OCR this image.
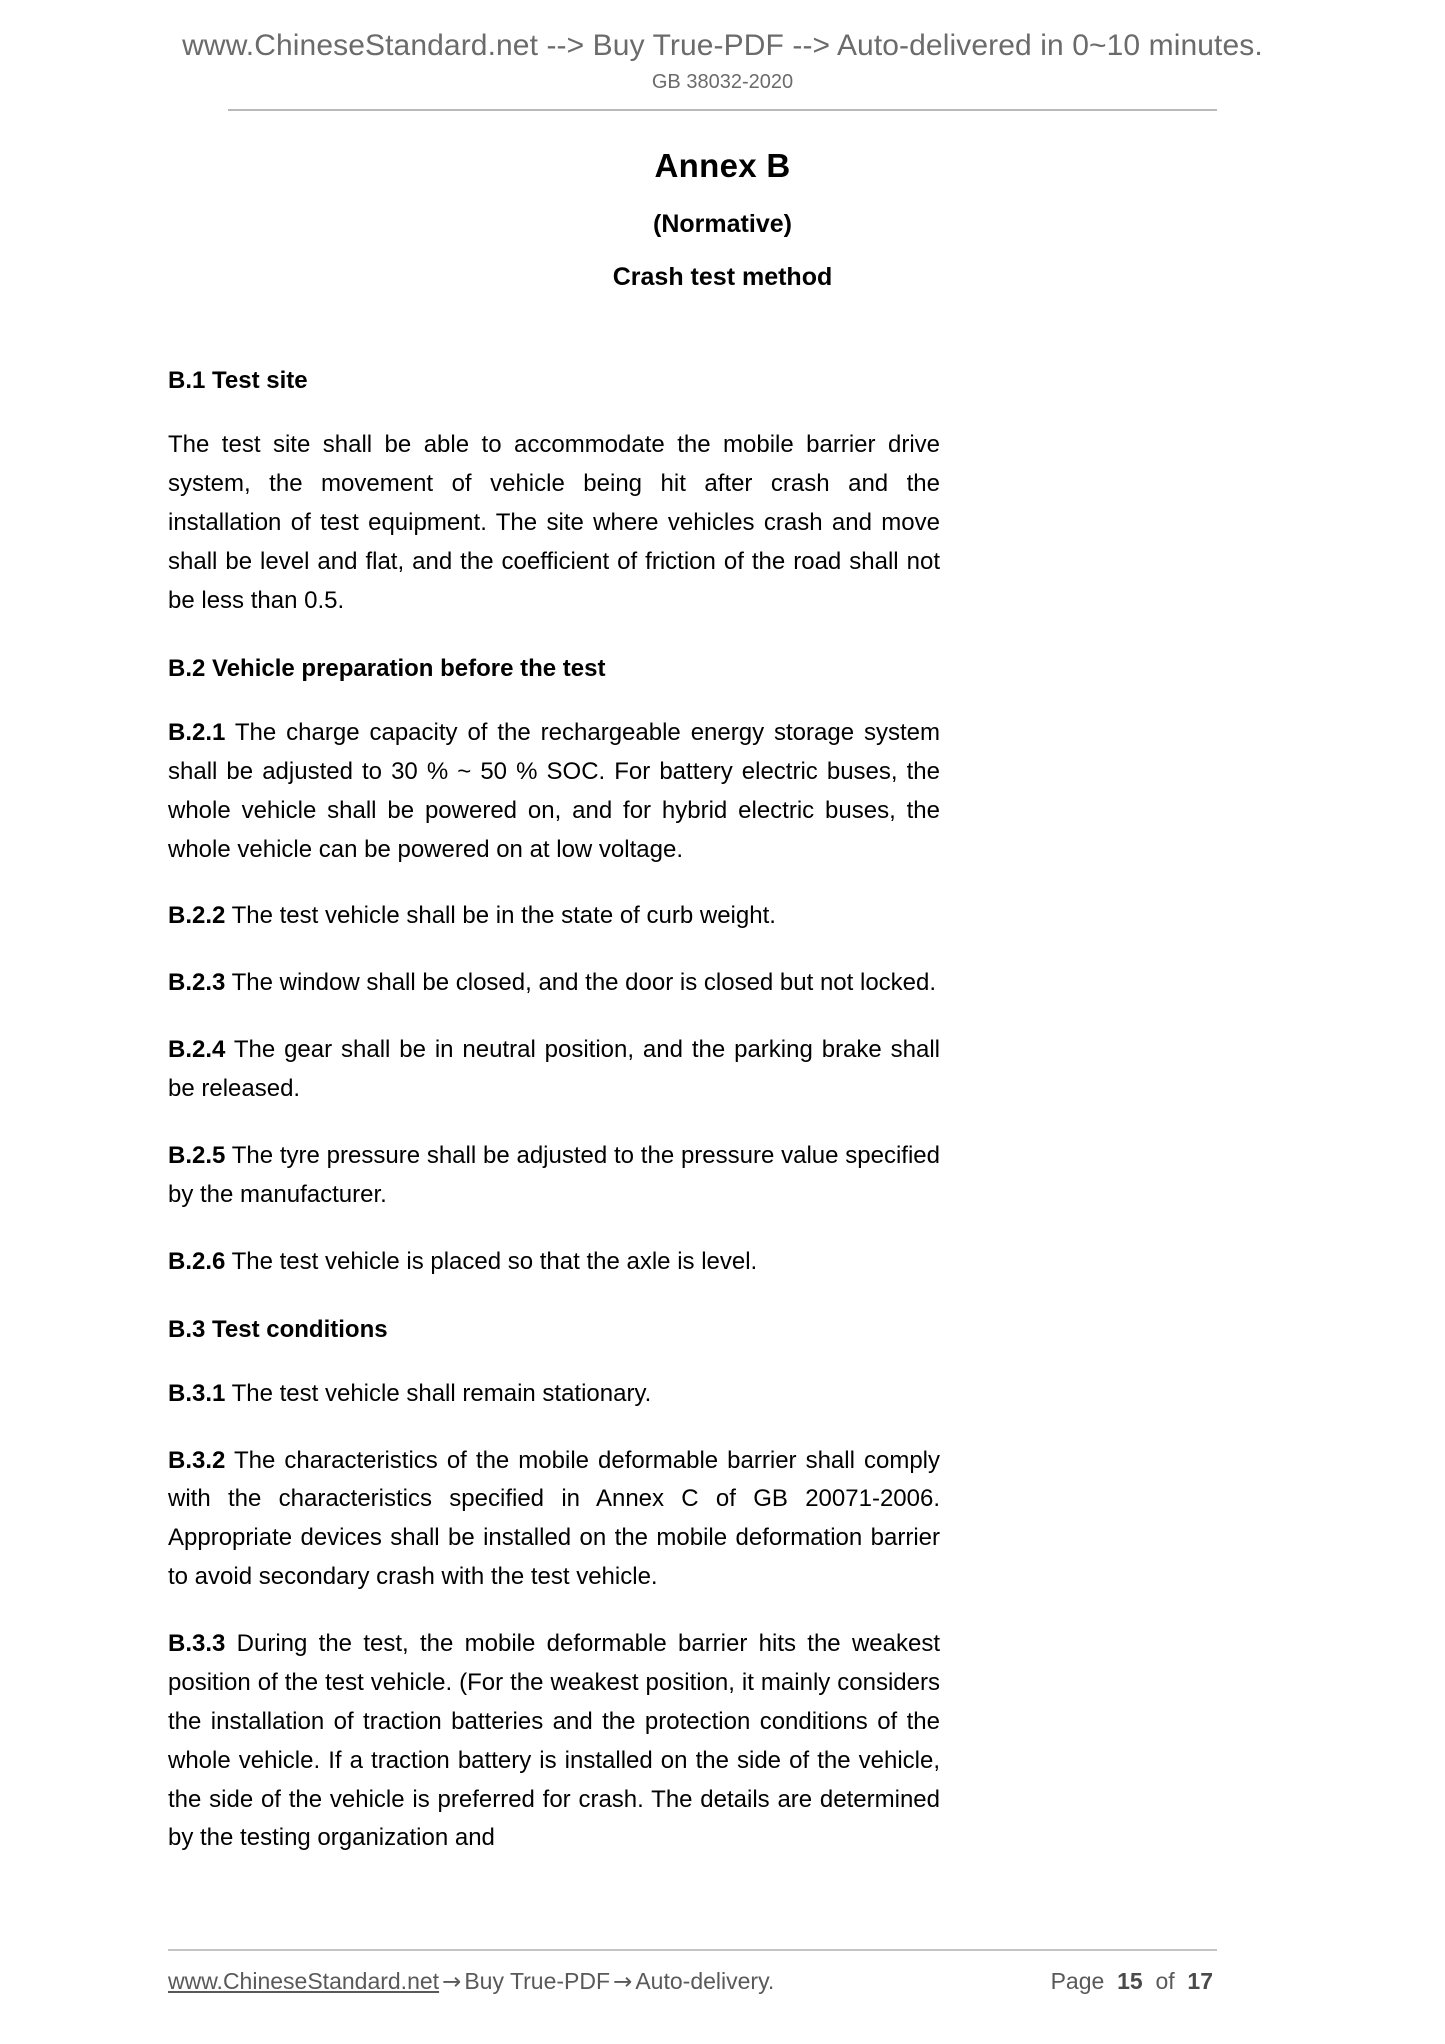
www.ChineseStandard.net --> Buy True-PDF --> Auto-delivered in 0~10 minutes.
GB 38032-2020
Annex B
(Normative)
Crash test method
B.1 Test site

The test site shall be able to accommodate the mobile barrier drive system, the movement of vehicle being hit after crash and the installation of test equipment. The site where vehicles crash and move shall be level and flat, and the coefficient of friction of the road shall not be less than 0.5.

B.2 Vehicle preparation before the test

B.2.1 The charge capacity of the rechargeable energy storage system shall be adjusted to 30 % ~ 50 % SOC. For battery electric buses, the whole vehicle shall be powered on, and for hybrid electric buses, the whole vehicle can be powered on at low voltage.

B.2.2 The test vehicle shall be in the state of curb weight.

B.2.3 The window shall be closed, and the door is closed but not locked.

B.2.4 The gear shall be in neutral position, and the parking brake shall be released.

B.2.5 The tyre pressure shall be adjusted to the pressure value specified by the manufacturer.

B.2.6 The test vehicle is placed so that the axle is level.

B.3 Test conditions

B.3.1 The test vehicle shall remain stationary.

B.3.2 The characteristics of the mobile deformable barrier shall comply with the characteristics specified in Annex C of GB 20071-2006. Appropriate devices shall be installed on the mobile deformation barrier to avoid secondary crash with the test vehicle.

B.3.3 During the test, the mobile deformable barrier hits the weakest position of the test vehicle. (For the weakest position, it mainly considers the installation of traction batteries and the protection conditions of the whole vehicle. If a traction battery is installed on the side of the vehicle, the side of the vehicle is preferred for crash. The details are determined by the testing organization and

www.ChineseStandard.net → Buy True-PDF → Auto-delivery.	Page 15 of 17
